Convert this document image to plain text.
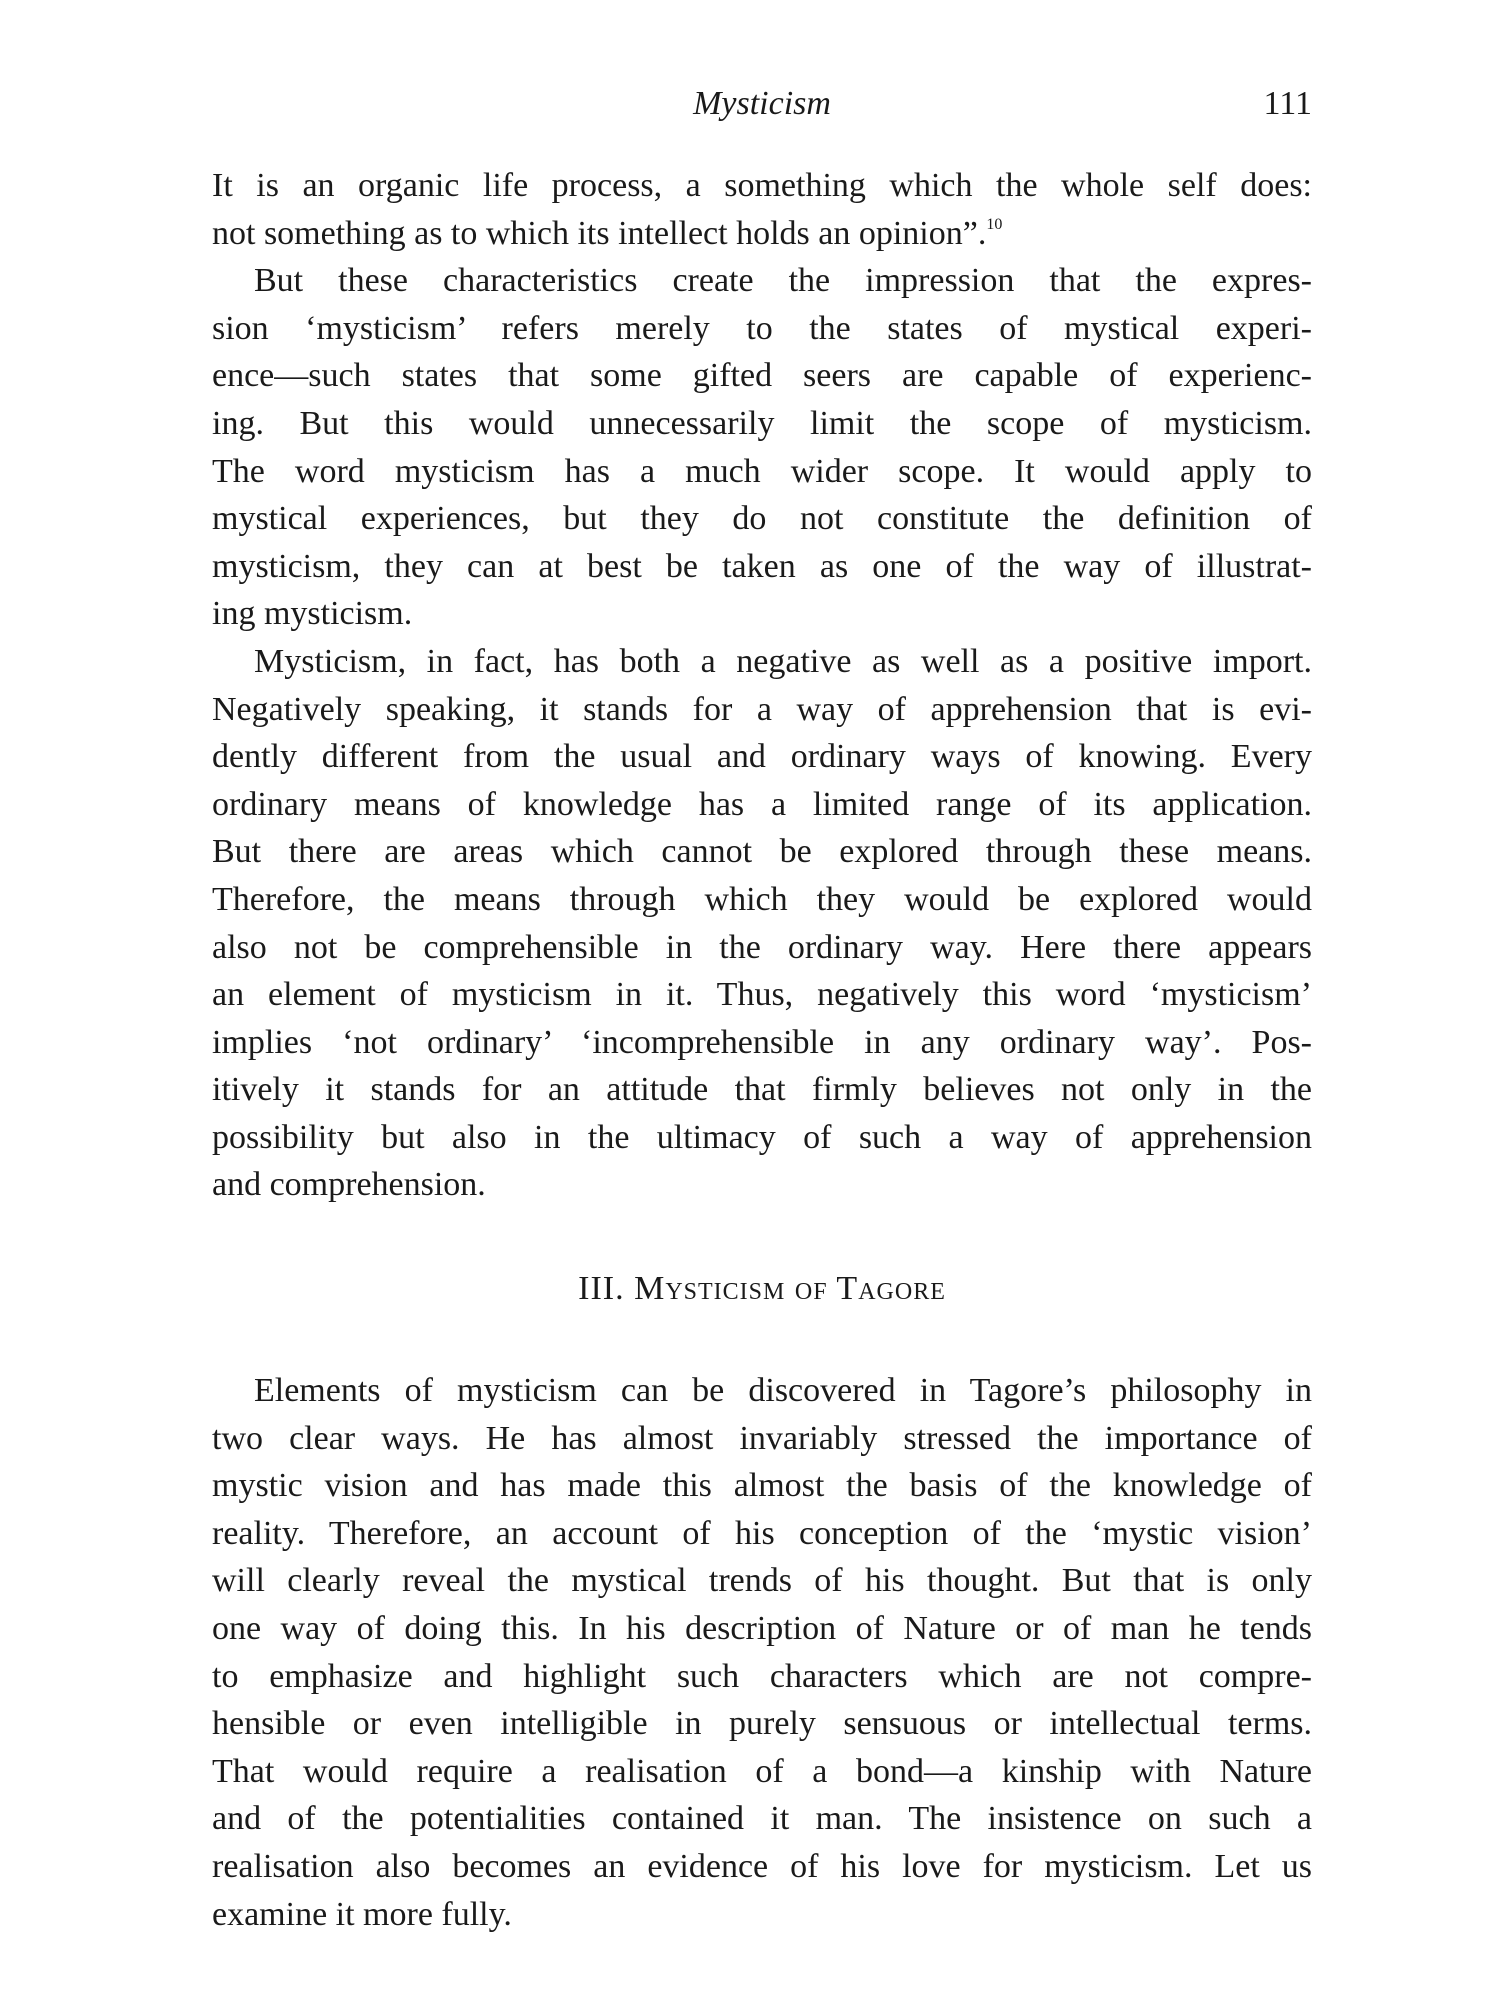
Mysticism	111
It is an organic life process, a something which the whole self does:
not something as to which its intellect holds an opinion”.$^{10}$
But these characteristics create the impression that the expres-
sion ‘mysticism’ refers merely to the states of mystical experi-
ence—such states that some gifted seers are capable of experienc-
ing. But this would unnecessarily limit the scope of mysticism.
The word mysticism has a much wider scope. It would apply to
mystical experiences, but they do not constitute the definition of
mysticism, they can at best be taken as one of the way of illustrat-
ing mysticism.
Mysticism, in fact, has both a negative as well as a positive import.
Negatively speaking, it stands for a way of apprehension that is evi-
dently different from the usual and ordinary ways of knowing. Every
ordinary means of knowledge has a limited range of its application.
But there are areas which cannot be explored through these means.
Therefore, the means through which they would be explored would
also not be comprehensible in the ordinary way. Here there appears
an element of mysticism in it. Thus, negatively this word ‘mysticism’
implies ‘not ordinary’ ‘incomprehensible in any ordinary way’. Pos-
itively it stands for an attitude that firmly believes not only in the
possibility but also in the ultimacy of such a way of apprehension
and comprehension.
III. Mysticism of Tagore
Elements of mysticism can be discovered in Tagore’s philosophy in
two clear ways. He has almost invariably stressed the importance of
mystic vision and has made this almost the basis of the knowledge of
reality. Therefore, an account of his conception of the ‘mystic vision’
will clearly reveal the mystical trends of his thought. But that is only
one way of doing this. In his description of Nature or of man he tends
to emphasize and highlight such characters which are not compre-
hensible or even intelligible in purely sensuous or intellectual terms.
That would require a realisation of a bond—a kinship with Nature
and of the potentialities contained it man. The insistence on such a
realisation also becomes an evidence of his love for mysticism. Let us
examine it more fully.
